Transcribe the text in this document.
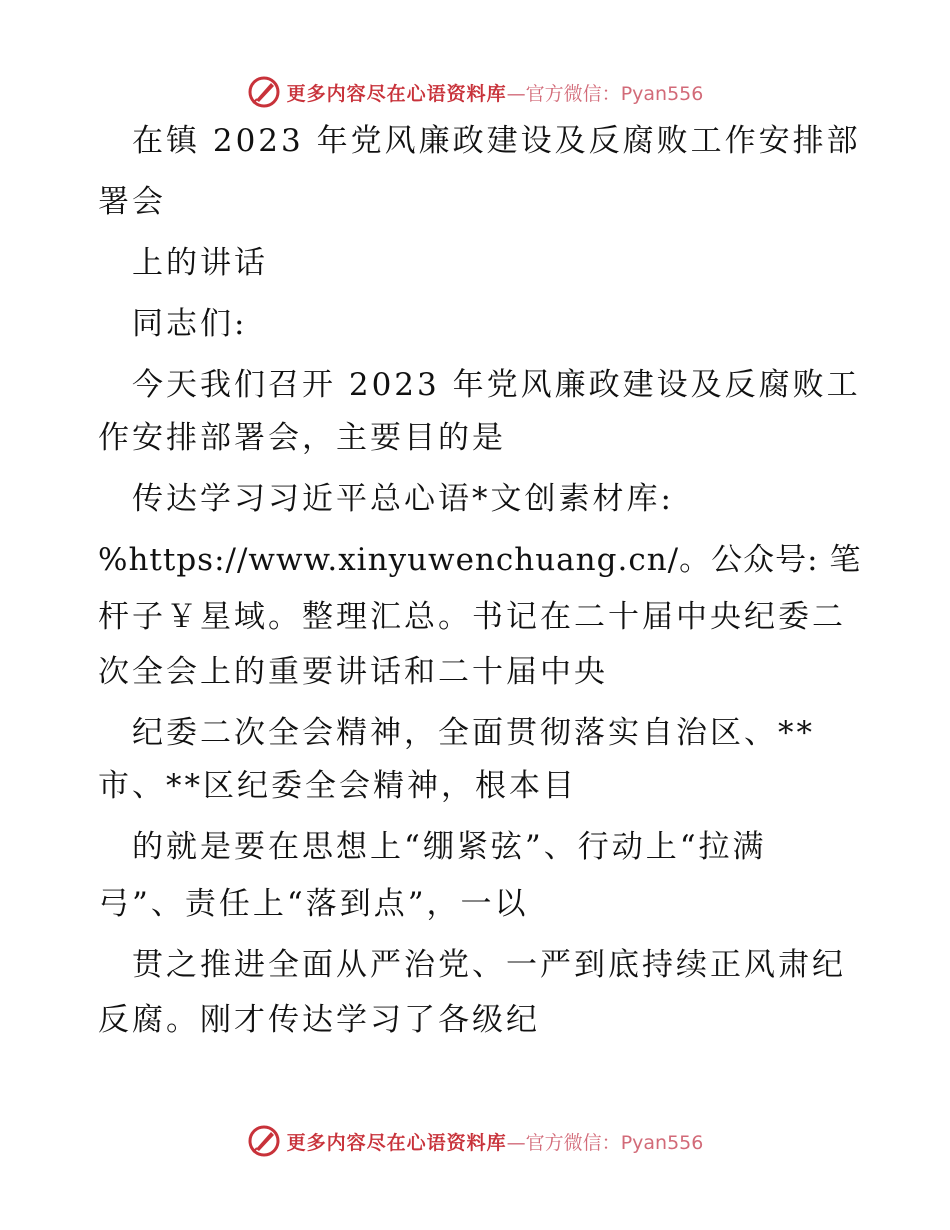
更多内容尽在心语资料库—官方微信：Pyan556
　在镇 2023 年党风廉政建设及反腐败工作安排部
署会
　上的讲话
　同志们:
　今天我们召开 2023 年党风廉政建设及反腐败工
作安排部署会，主要目的是
　传达学习习近平总心语*文创素材库:
%https://www.xinyuwenchuang.cn/。公众号: 笔
杆子￥星域。整理汇总。书记在二十届中央纪委二
次全会上的重要讲话和二十届中央
　纪委二次全会精神，全面贯彻落实自治区、**
市、**区纪委全会精神，根本目
　的就是要在思想上“绷紧弦”、行动上“拉满
弓”、责任上“落到点”，一以
　贯之推进全面从严治党、一严到底持续正风肃纪
反腐。刚才传达学习了各级纪
更多内容尽在心语资料库—官方微信：Pyan556
